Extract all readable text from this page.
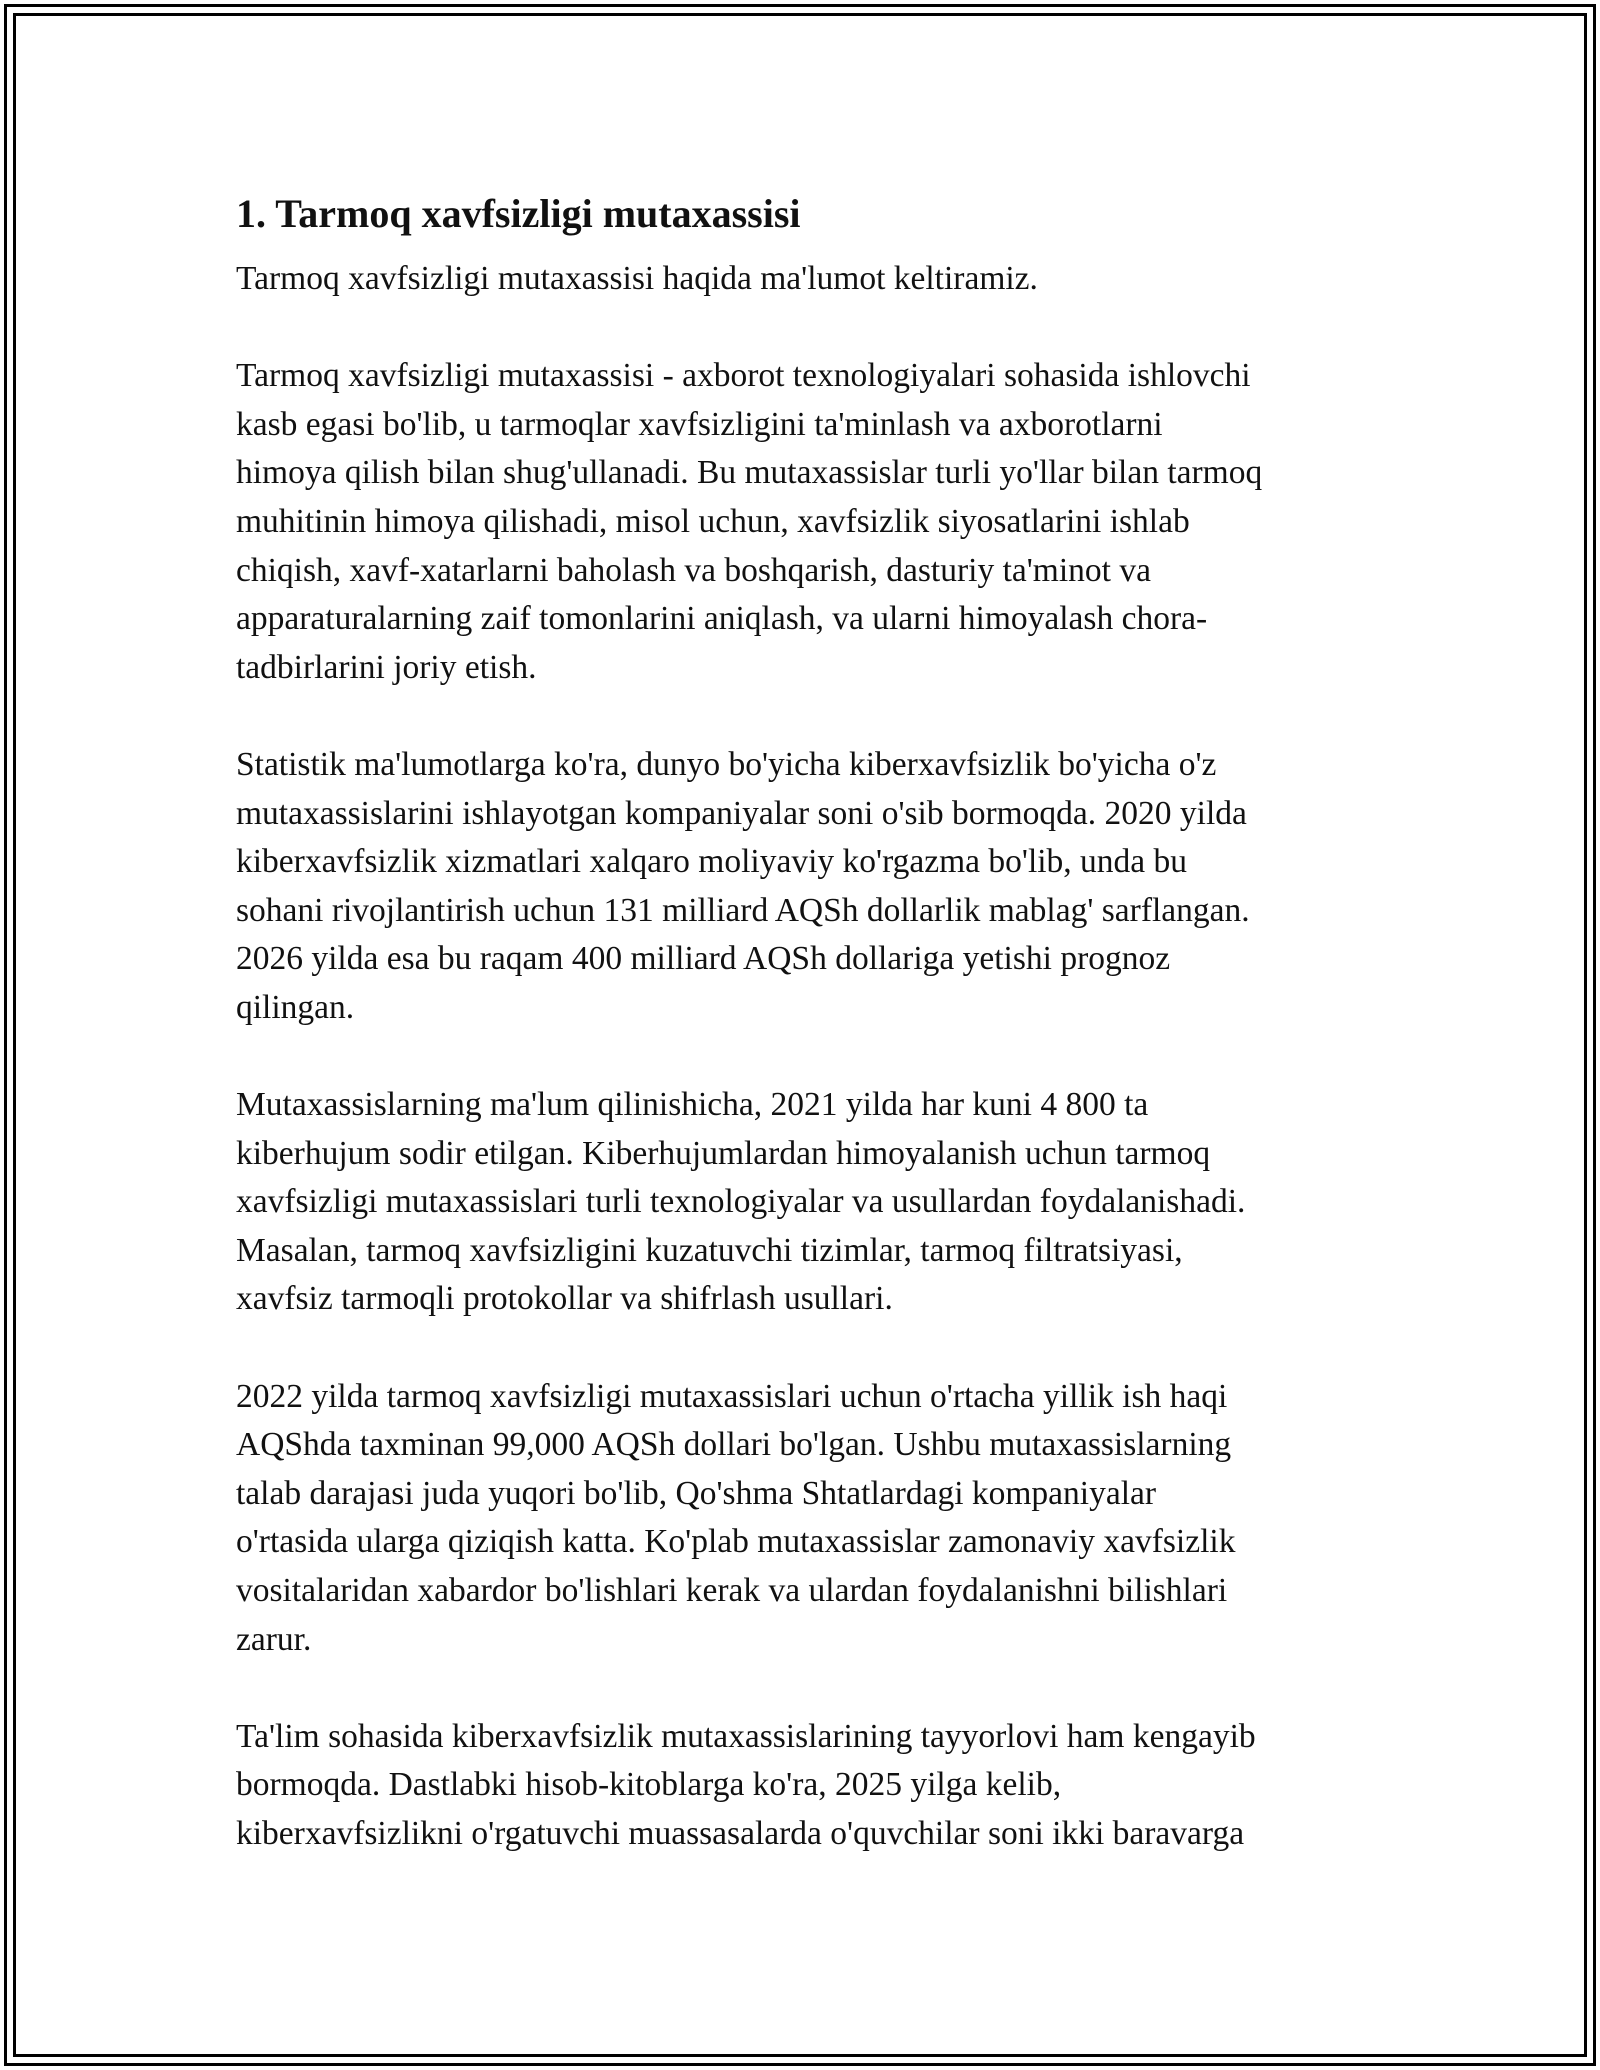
1. Tarmoq xavfsizligi mutaxassisi

Tarmoq xavfsizligi mutaxassisi haqida ma'lumot keltiramiz.

Tarmoq xavfsizligi mutaxassisi - axborot texnologiyalari sohasida ishlovchi
kasb egasi bo'lib, u tarmoqlar xavfsizligini ta'minlash va axborotlarni
himoya qilish bilan shug'ullanadi. Bu mutaxassislar turli yo'llar bilan tarmoq
muhitinin himoya qilishadi, misol uchun, xavfsizlik siyosatlarini ishlab
chiqish, xavf-xatarlarni baholash va boshqarish, dasturiy ta'minot va
apparaturalarning zaif tomonlarini aniqlash, va ularni himoyalash chora-
tadbirlarini joriy etish.

Statistik ma'lumotlarga ko'ra, dunyo bo'yicha kiberxavfsizlik bo'yicha o'z
mutaxassislarini ishlayotgan kompaniyalar soni o'sib bormoqda. 2020 yilda
kiberxavfsizlik xizmatlari xalqaro moliyaviy ko'rgazma bo'lib, unda bu
sohani rivojlantirish uchun 131 milliard AQSh dollarlik mablag' sarflangan.
2026 yilda esa bu raqam 400 milliard AQSh dollariga yetishi prognoz
qilingan.

Mutaxassislarning ma'lum qilinishicha, 2021 yilda har kuni 4 800 ta
kiberhujum sodir etilgan. Kiberhujumlardan himoyalanish uchun tarmoq
xavfsizligi mutaxassislari turli texnologiyalar va usullardan foydalanishadi.
Masalan, tarmoq xavfsizligini kuzatuvchi tizimlar, tarmoq filtratsiyasi,
xavfsiz tarmoqli protokollar va shifrlash usullari.

2022 yilda tarmoq xavfsizligi mutaxassislari uchun o'rtacha yillik ish haqi
AQShda taxminan 99,000 AQSh dollari bo'lgan. Ushbu mutaxassislarning
talab darajasi juda yuqori bo'lib, Qo'shma Shtatlardagi kompaniyalar
o'rtasida ularga qiziqish katta. Ko'plab mutaxassislar zamonaviy xavfsizlik
vositalaridan xabardor bo'lishlari kerak va ulardan foydalanishni bilishlari
zarur.

Ta'lim sohasida kiberxavfsizlik mutaxassislarining tayyorlovi ham kengayib
bormoqda. Dastlabki hisob-kitoblarga ko'ra, 2025 yilga kelib,
kiberxavfsizlikni o'rgatuvchi muassasalarda o'quvchilar soni ikki baravarga
